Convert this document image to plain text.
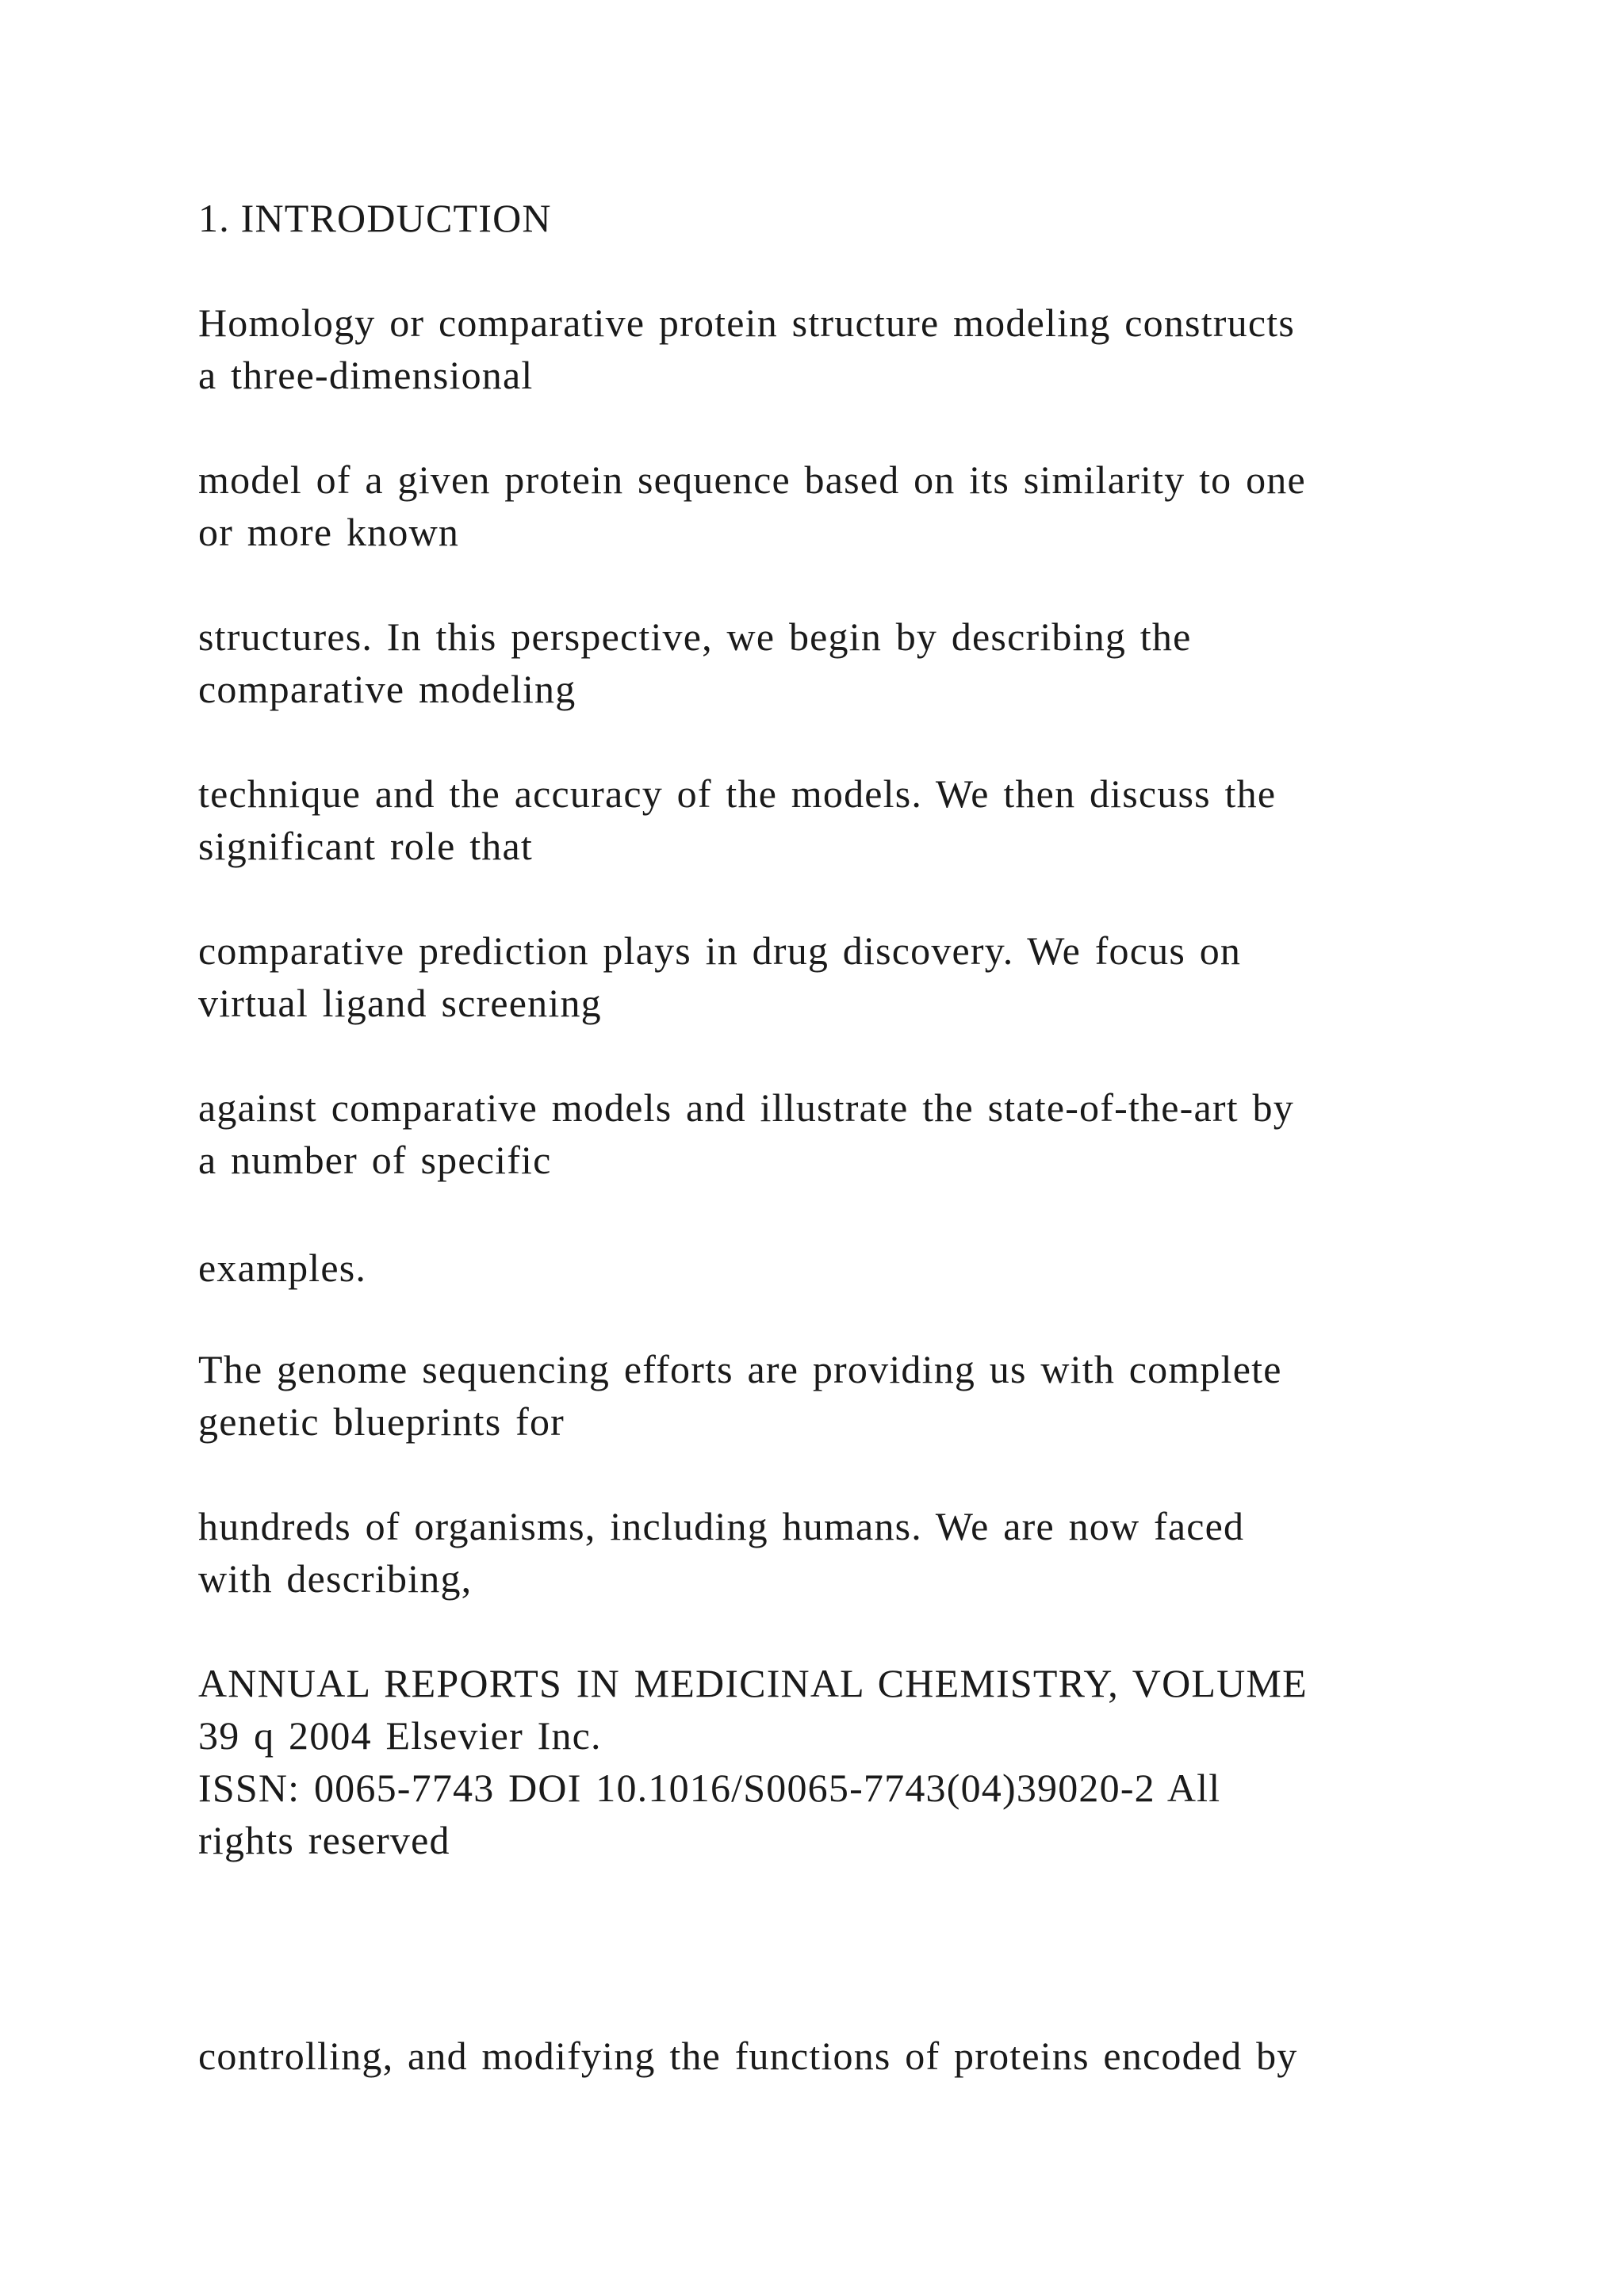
1. INTRODUCTION

Homology or comparative protein structure modeling constructs
a three-dimensional

model of a given protein sequence based on its similarity to one
or more known

structures. In this perspective, we begin by describing the
comparative modeling

technique and the accuracy of the models. We then discuss the
significant role that

comparative prediction plays in drug discovery. We focus on
virtual ligand screening

against comparative models and illustrate the state-of-the-art by
a number of specific

examples.

The genome sequencing efforts are providing us with complete
genetic blueprints for

hundreds of organisms, including humans. We are now faced
with describing,

ANNUAL REPORTS IN MEDICINAL CHEMISTRY, VOLUME
39 q 2004 Elsevier Inc.
ISSN: 0065-7743 DOI 10.1016/S0065-7743(04)39020-2 All
rights reserved

controlling, and modifying the functions of proteins encoded by
